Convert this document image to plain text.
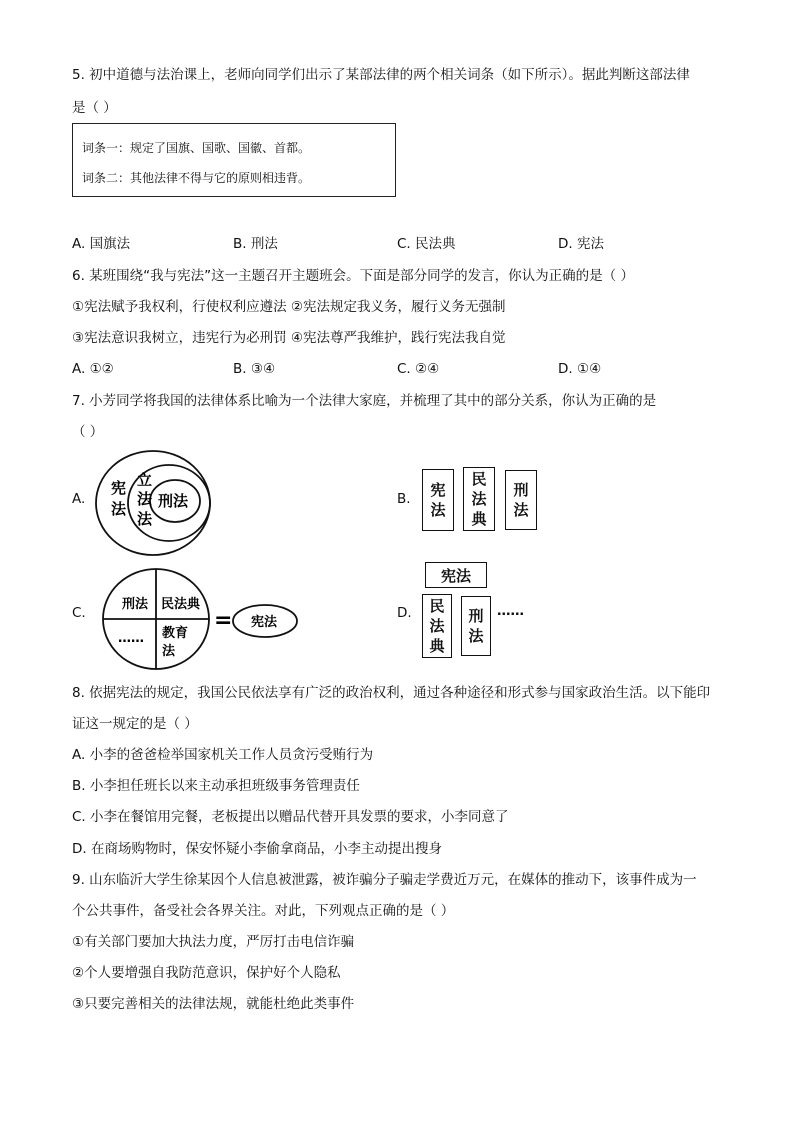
5. 初中道德与法治课上，老师向同学们出示了某部法律的两个相关词条（如下所示）。据此判断这部法律
是（ ）
词条一：规定了国旗、国歌、国徽、首都。
词条二：其他法律不得与它的原则相违背。
A. 国旗法	B. 刑法	C. 民法典	D. 宪法
6. 某班围绕“我与宪法”这一主题召开主题班会。下面是部分同学的发言，你认为正确的是（ ）
①宪法赋予我权利，行使权利应遵法 ②宪法规定我义务，履行义务无强制
③宪法意识我树立，违宪行为必刑罚 ④宪法尊严我维护，践行宪法我自觉
A. ①②	B. ③④	C. ②④	D. ①④
7. 小芳同学将我国的法律体系比喻为一个法律大家庭，并梳理了其中的部分关系，你认为正确的是
（ ）
A.
宪
法
立
法
法
刑法	B. 宪
法
民
法
典
刑
法
C.
刑法 民法典
…… 教育
法
= 宪法
D.
宪法
民
法
典
刑
法
……
8. 依据宪法的规定，我国公民依法享有广泛的政治权利，通过各种途径和形式参与国家政治生活。以下能印
证这一规定的是（ ）
A. 小李的爸爸检举国家机关工作人员贪污受贿行为
B. 小李担任班长以来主动承担班级事务管理责任
C. 小李在餐馆用完餐，老板提出以赠品代替开具发票的要求，小李同意了
D. 在商场购物时，保安怀疑小李偷拿商品，小李主动提出搜身
9. 山东临沂大学生徐某因个人信息被泄露，被诈骗分子骗走学费近万元，在媒体的推动下，该事件成为一
个公共事件，备受社会各界关注。对此，下列观点正确的是（ ）
①有关部门要加大执法力度，严厉打击电信诈骗
②个人要增强自我防范意识，保护好个人隐私
③只要完善相关的法律法规，就能杜绝此类事件
